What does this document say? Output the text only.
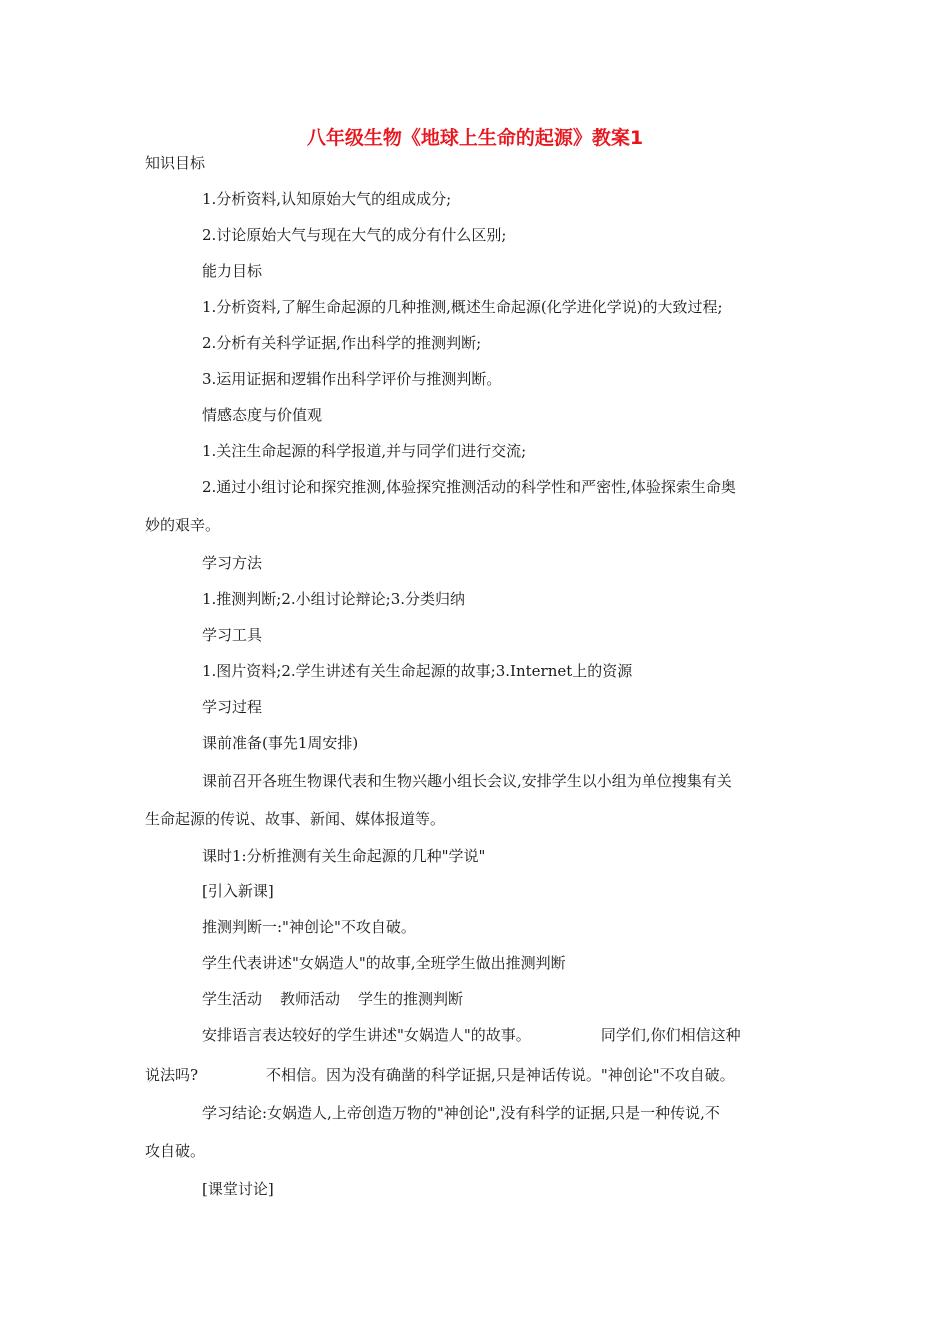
八年级生物《地球上生命的起源》教案1
知识目标
1.分析资料,认知原始大气的组成成分;
2.讨论原始大气与现在大气的成分有什么区别;
能力目标
1.分析资料,了解生命起源的几种推测,概述生命起源(化学进化学说)的大致过程;
2.分析有关科学证据,作出科学的推测判断;
3.运用证据和逻辑作出科学评价与推测判断。
情感态度与价值观
1.关注生命起源的科学报道,并与同学们进行交流;
2.通过小组讨论和探究推测,体验探究推测活动的科学性和严密性,体验探索生命奥
妙的艰辛。
学习方法
1.推测判断;2.小组讨论辩论;3.分类归纳
学习工具
1.图片资料;2.学生讲述有关生命起源的故事;3.Internet上的资源
学习过程
课前准备(事先1周安排)
课前召开各班生物课代表和生物兴趣小组长会议,安排学生以小组为单位搜集有关
生命起源的传说、故事、新闻、媒体报道等。
课时1:分析推测有关生命起源的几种"学说"
[引入新课]
推测判断一:"神创论"不攻自破。
学生代表讲述"女娲造人"的故事,全班学生做出推测判断
学生活动 教师活动 学生的推测判断
安排语言表达较好的学生讲述"女娲造人"的故事。	同学们,你们相信这种
说法吗?	不相信。因为没有确凿的科学证据,只是神话传说。"神创论"不攻自破。
学习结论:女娲造人,上帝创造万物的"神创论",没有科学的证据,只是一种传说,不
攻自破。
[课堂讨论]
